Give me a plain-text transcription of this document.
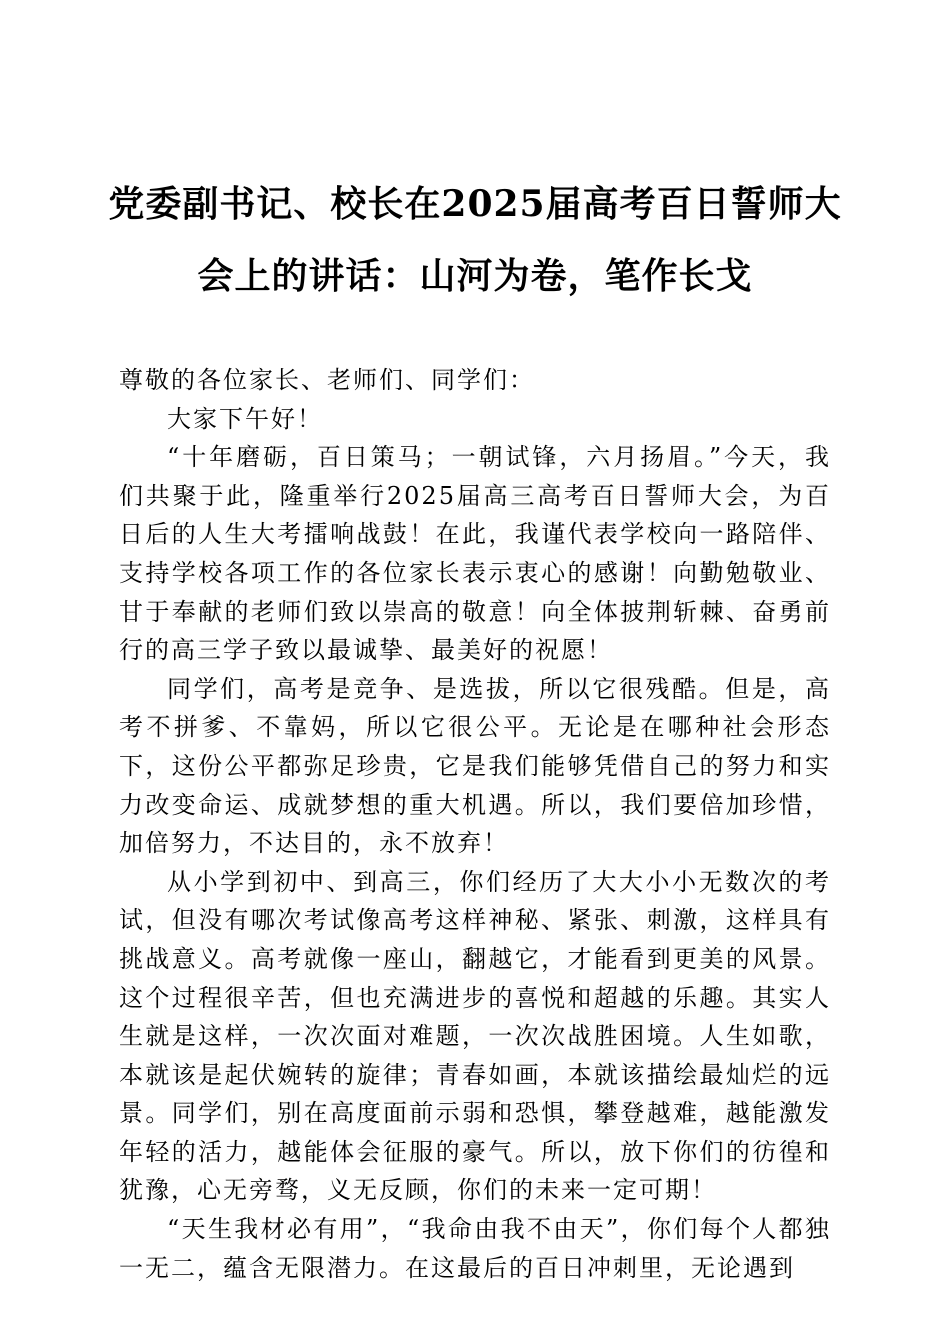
党委副书记、校长在2025届高考百日誓师大
会上的讲话：山河为卷，笔作长戈

尊敬的各位家长、老师们、同学们：

大家下午好！

“十年磨砺，百日策马；一朝试锋，六月扬眉。”今天，我们共聚于此，隆重举行2025届高三高考百日誓师大会，为百日后的人生大考擂响战鼓！在此，我谨代表学校向一路陪伴、支持学校各项工作的各位家长表示衷心的感谢！向勤勉敬业、甘于奉献的老师们致以崇高的敬意！向全体披荆斩棘、奋勇前行的高三学子致以最诚挚、最美好的祝愿！

同学们，高考是竞争、是选拔，所以它很残酷。但是，高考不拼爹、不靠妈，所以它很公平。无论是在哪种社会形态下，这份公平都弥足珍贵，它是我们能够凭借自己的努力和实力改变命运、成就梦想的重大机遇。所以，我们要倍加珍惜，加倍努力，不达目的，永不放弃！

从小学到初中、到高三，你们经历了大大小小无数次的考试，但没有哪次考试像高考这样神秘、紧张、刺激，这样具有挑战意义。高考就像一座山，翻越它，才能看到更美的风景。这个过程很辛苦，但也充满进步的喜悦和超越的乐趣。其实人生就是这样，一次次面对难题，一次次战胜困境。人生如歌，本就该是起伏婉转的旋律；青春如画，本就该描绘最灿烂的远景。同学们，别在高度面前示弱和恐惧，攀登越难，越能激发年轻的活力，越能体会征服的豪气。所以，放下你们的彷徨和犹豫，心无旁骛，义无反顾，你们的未来一定可期！

“天生我材必有用”，“我命由我不由天”，你们每个人都独一无二，蕴含无限潜力。在这最后的百日冲刺里，无论遇到
